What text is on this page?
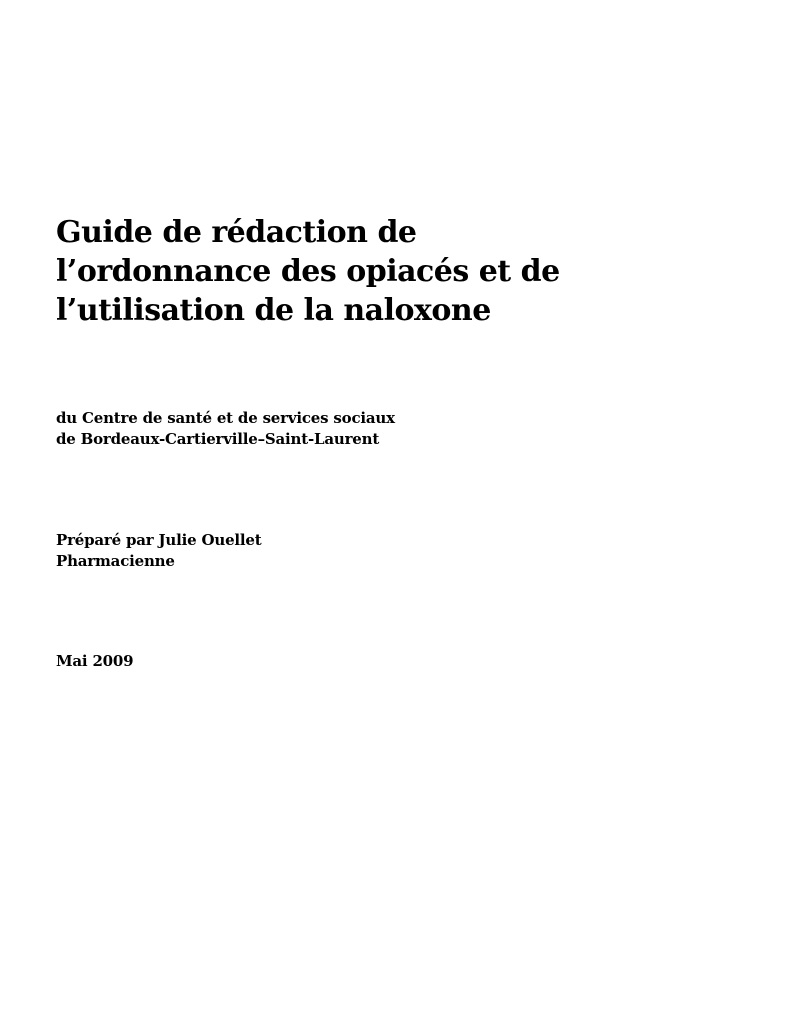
Guide de rédaction de
l’ordonnance des opiacés et de
l’utilisation de la naloxone
du Centre de santé et de services sociaux
de Bordeaux-Cartierville–Saint-Laurent
Préparé par Julie Ouellet
Pharmacienne
Mai 2009
